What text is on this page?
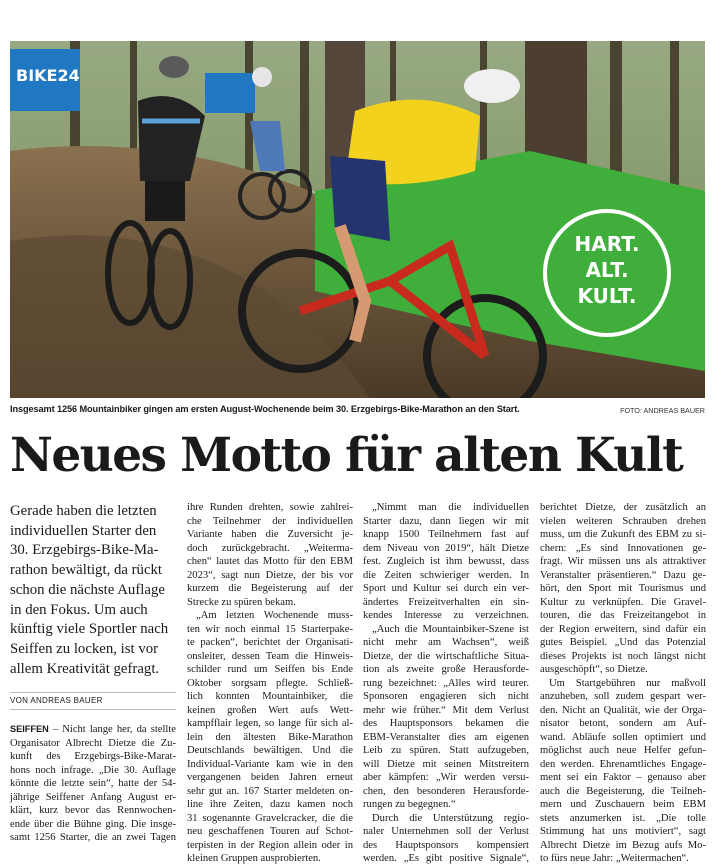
BIKE24
HART.
ALT.
KULT.
Insgesamt 1256 Mountainbiker gingen am ersten August-Wochenende beim 30. Erzgebirgs-Bike-Marathon an den Start.	FOTO: ANDREAS BAUER
Neues Motto für alten Kult
Gerade haben die letzten
individuellen Starter den
30. Erzgebirgs-Bike-Ma-
rathon bewältigt, da rückt
schon die nächste Auflage
in den Fokus. Um auch
künftig viele Sportler nach
Seiffen zu locken, ist vor
allem Kreativität gefragt.
VON ANDREAS BAUER
SEIFFEN – Nicht lange her, da stellte
Organisator Albrecht Dietze die Zu-
kunft des Erzgebirgs-Bike-Marat-
hons noch infrage. „Die 30. Auflage
könnte die letzte sein“, hatte der 54-
jährige Seiffener Anfang August er-
klärt, kurz bevor das Rennwochen-
ende über die Bühne ging. Die insge-
samt 1256 Starter, die an zwei Tagen
ihre Runden drehten, sowie zahlrei-
che Teilnehmer der individuellen
Variante haben die Zuversicht je-
doch zurückgebracht. „Weiterma-
chen“ lautet das Motto für den EBM
2023“, sagt nun Dietze, der bis vor
kurzem die Begeisterung auf der
Strecke zu spüren bekam.
„Am letzten Wochenende muss-
ten wir noch einmal 15 Starterpake-
te packen“, berichtet der Organisati-
onsleiter, dessen Team die Hinweis-
schilder rund um Seiffen bis Ende
Oktober sorgsam pflegte. Schließ-
lich konnten Mountainbiker, die
keinen großen Wert aufs Wett-
kampfflair legen, so lange für sich al-
lein den ältesten Bike-Marathon
Deutschlands bewältigen. Und die
Individual-Variante kam wie in den
vergangenen beiden Jahren erneut
sehr gut an. 167 Starter meldeten on-
line ihre Zeiten, dazu kamen noch
31 sogenannte Gravelcracker, die die
neu geschaffenen Touren auf Schot-
terpisten in der Region allein oder in
kleinen Gruppen ausprobierten.
„Nimmt man die individuellen
Starter dazu, dann liegen wir mit
knapp 1500 Teilnehmern fast auf
dem Niveau von 2019“, hält Dietze
fest. Zugleich ist ihm bewusst, dass
die Zeiten schwieriger werden. In
Sport und Kultur sei durch ein ver-
ändertes Freizeitverhalten ein sin-
kendes Interesse zu verzeichnen.
„Auch die Mountainbiker-Szene ist
nicht mehr am Wachsen“, weiß
Dietze, der die wirtschaftliche Situa-
tion als zweite große Herausforde-
rung bezeichnet: „Alles wird teurer.
Sponsoren engagieren sich nicht
mehr wie früher.“ Mit dem Verlust
des Hauptsponsors bekamen die
EBM-Veranstalter dies am eigenen
Leib zu spüren. Statt aufzugeben,
will Dietze mit seinen Mitstreitern
aber kämpfen: „Wir werden versu-
chen, den besonderen Herausforde-
rungen zu begegnen.“
Durch die Unterstützung regio-
naler Unternehmen soll der Verlust
des Hauptsponsors kompensiert
werden. „Es gibt positive Signale“,
berichtet Dietze, der zusätzlich an
vielen weiteren Schrauben drehen
muss, um die Zukunft des EBM zu si-
chern: „Es sind Innovationen ge-
fragt. Wir müssen uns als attraktiver
Veranstalter präsentieren.“ Dazu ge-
hört, den Sport mit Tourismus und
Kultur zu verknüpfen. Die Gravel-
touren, die das Freizeitangebot in
der Region erweitern, sind dafür ein
gutes Beispiel. „Und das Potenzial
dieses Projekts ist noch längst nicht
ausgeschöpft“, so Dietze.
Um Startgebühren nur maßvoll
anzuheben, soll zudem gespart wer-
den. Nicht an Qualität, wie der Orga-
nisator betont, sondern am Auf-
wand. Abläufe sollen optimiert und
möglichst auch neue Helfer gefun-
den werden. Ehrenamtliches Engage-
ment sei ein Faktor – genauso aber
auch die Begeisterung, die Teilneh-
mern und Zuschauern beim EBM
stets anzumerken ist. „Die tolle
Stimmung hat uns motiviert“, sagt
Albrecht Dietze im Bezug aufs Mo-
to fürs neue Jahr: „Weitermachen“.
